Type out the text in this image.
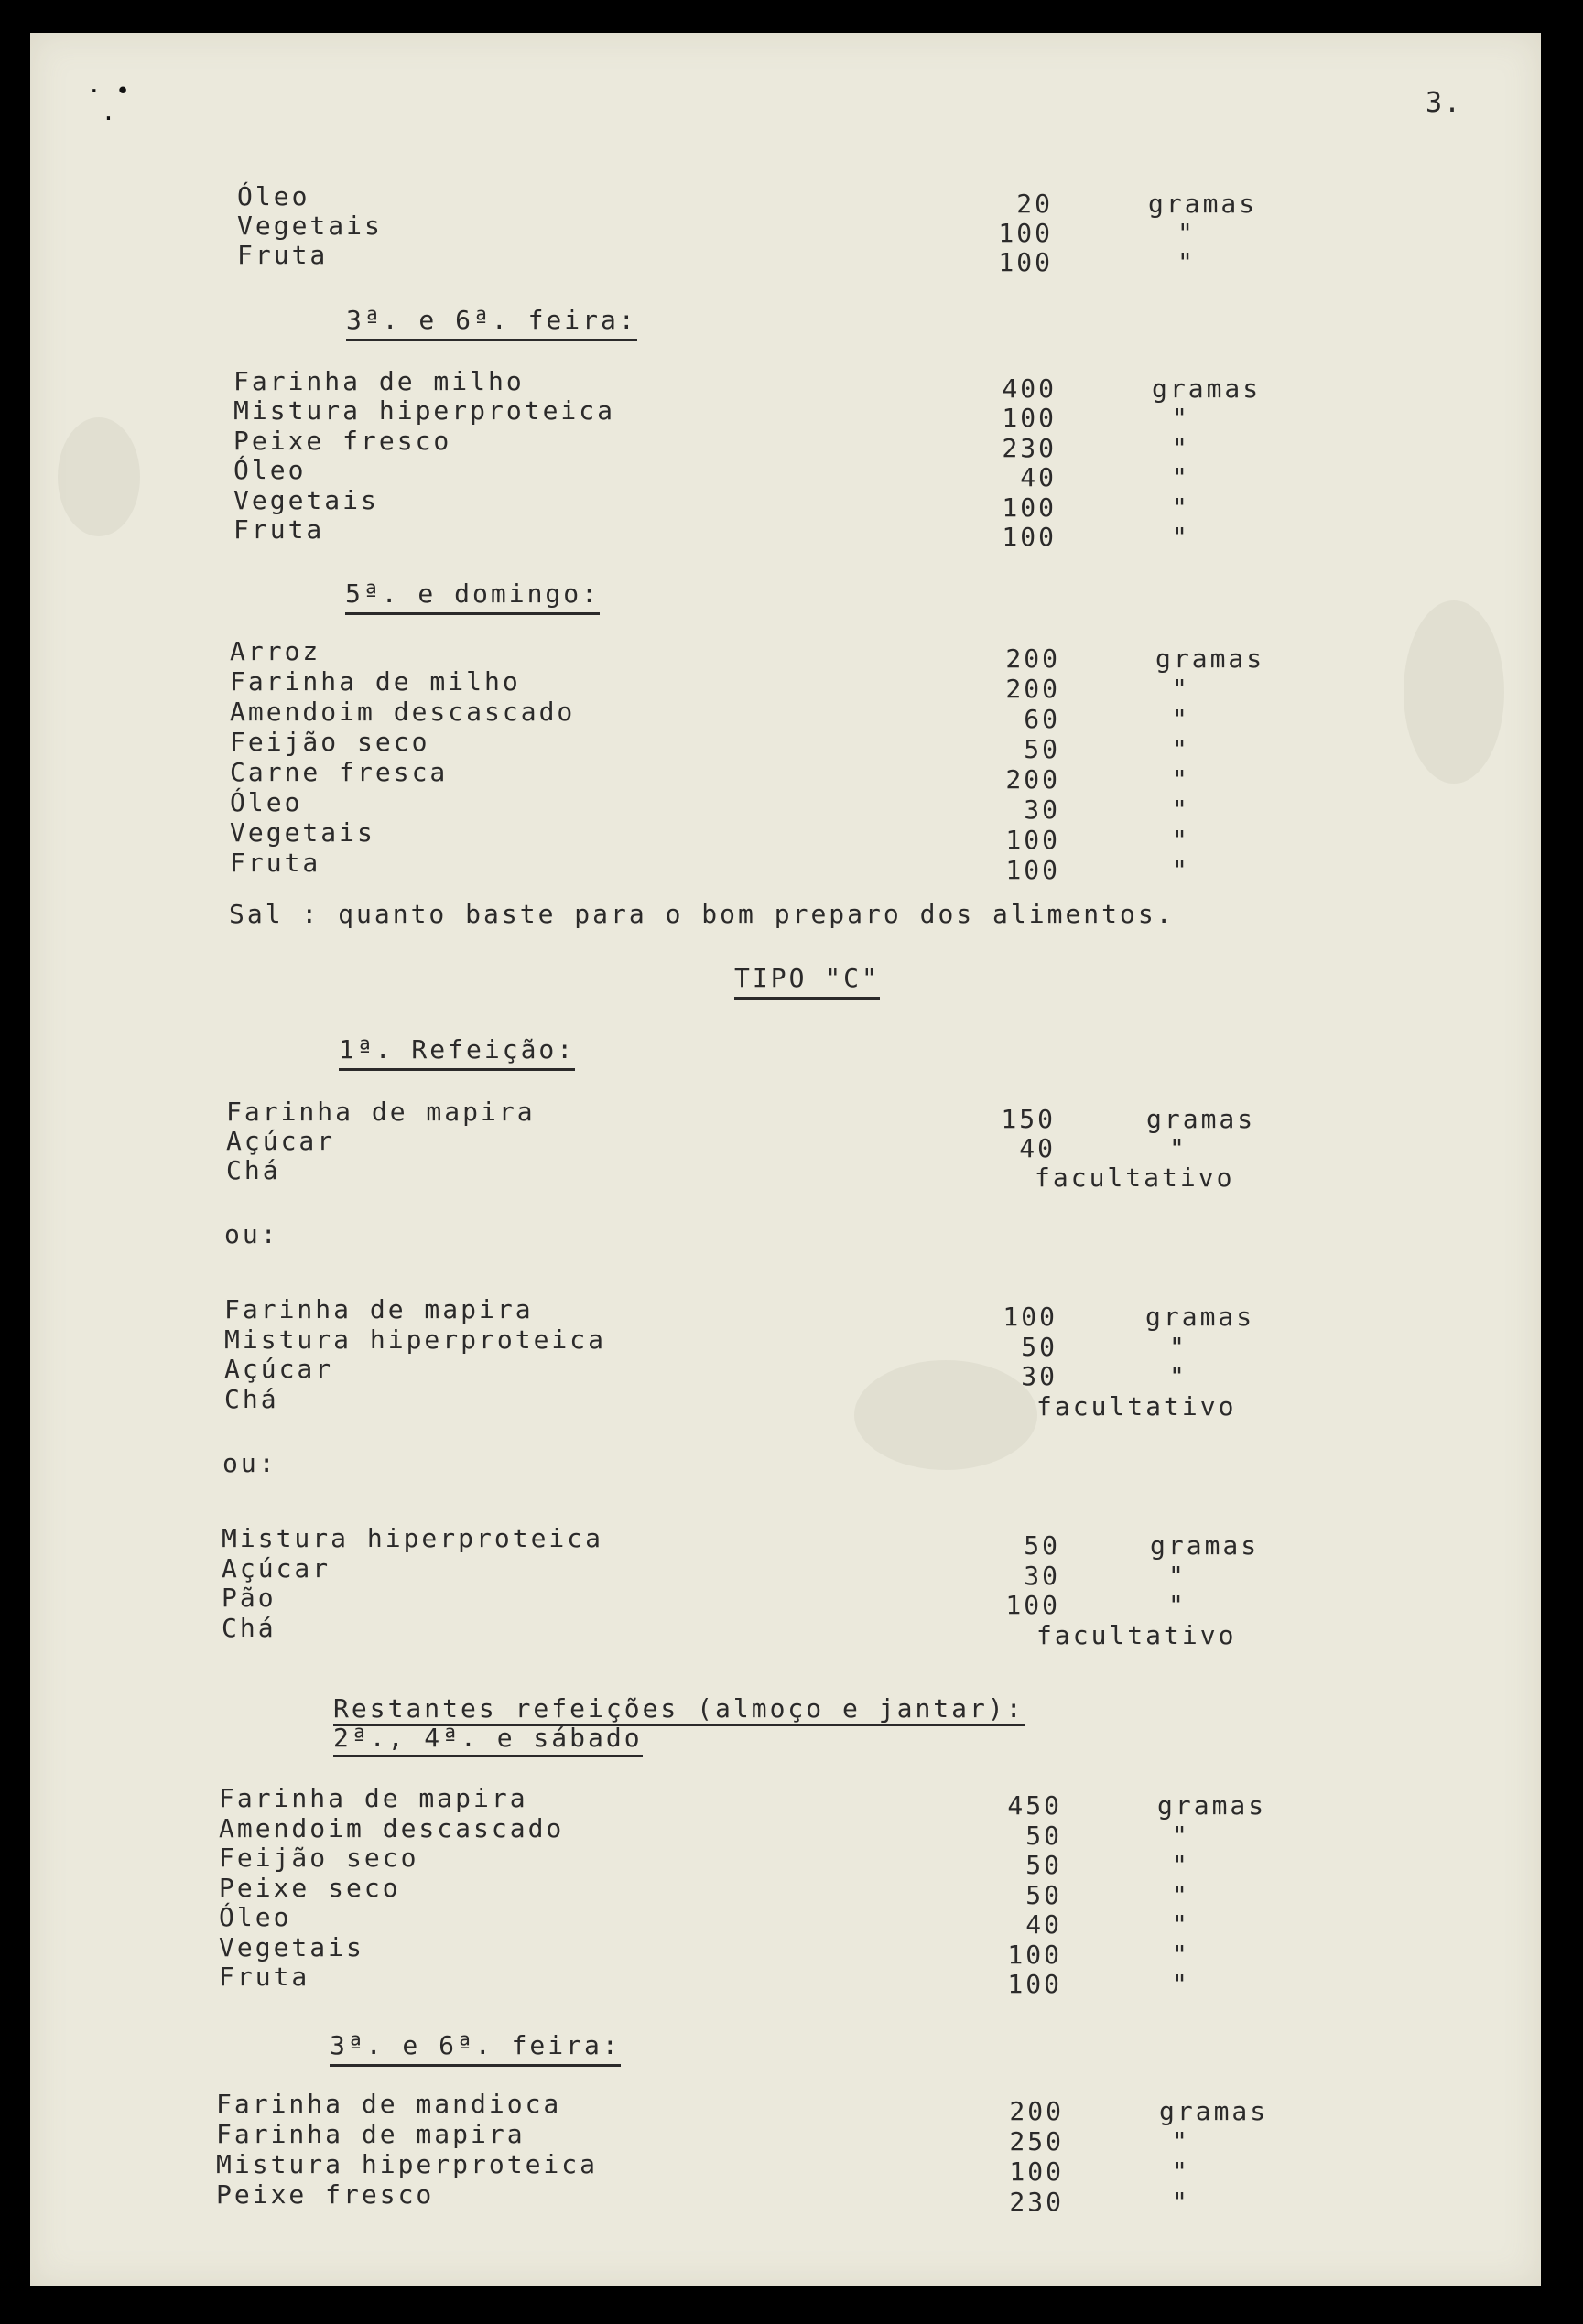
· •
·	3.
Óleo	20	gramas
Vegetais	100	"
Fruta	100	"
3ª. e 6ª. feira:
Farinha de milho	400	gramas
Mistura hiperproteica	100	"
Peixe fresco	230	"
Óleo	40	"
Vegetais	100	"
Fruta	100	"
5ª. e domingo:
Arroz	200	gramas
Farinha de milho	200	"
Amendoim descascado	60	"
Feijão seco	50	"
Carne fresca	200	"
Óleo	30	"
Vegetais	100	"
Fruta	100	"
Sal : quanto baste para o bom preparo dos alimentos.
TIPO "C"
1ª. Refeição:
Farinha de mapira	150	gramas
Açúcar	40	"
Chá	facultativo
ou:
Farinha de mapira	100	gramas
Mistura hiperproteica	50	"
Açúcar	30	"
Chá	facultativo
ou:
Mistura hiperproteica	50	gramas
Açúcar	30	"
Pão	100	"
Chá	facultativo
Restantes refeições (almoço e jantar):
2ª., 4ª. e sábado
Farinha de mapira	450	gramas
Amendoim descascado	50	"
Feijão seco	50	"
Peixe seco	50	"
Óleo	40	"
Vegetais	100	"
Fruta	100	"
3ª. e 6ª. feira:
Farinha de mandioca	200	gramas
Farinha de mapira	250	"
Mistura hiperproteica	100	"
Peixe fresco	230	"
